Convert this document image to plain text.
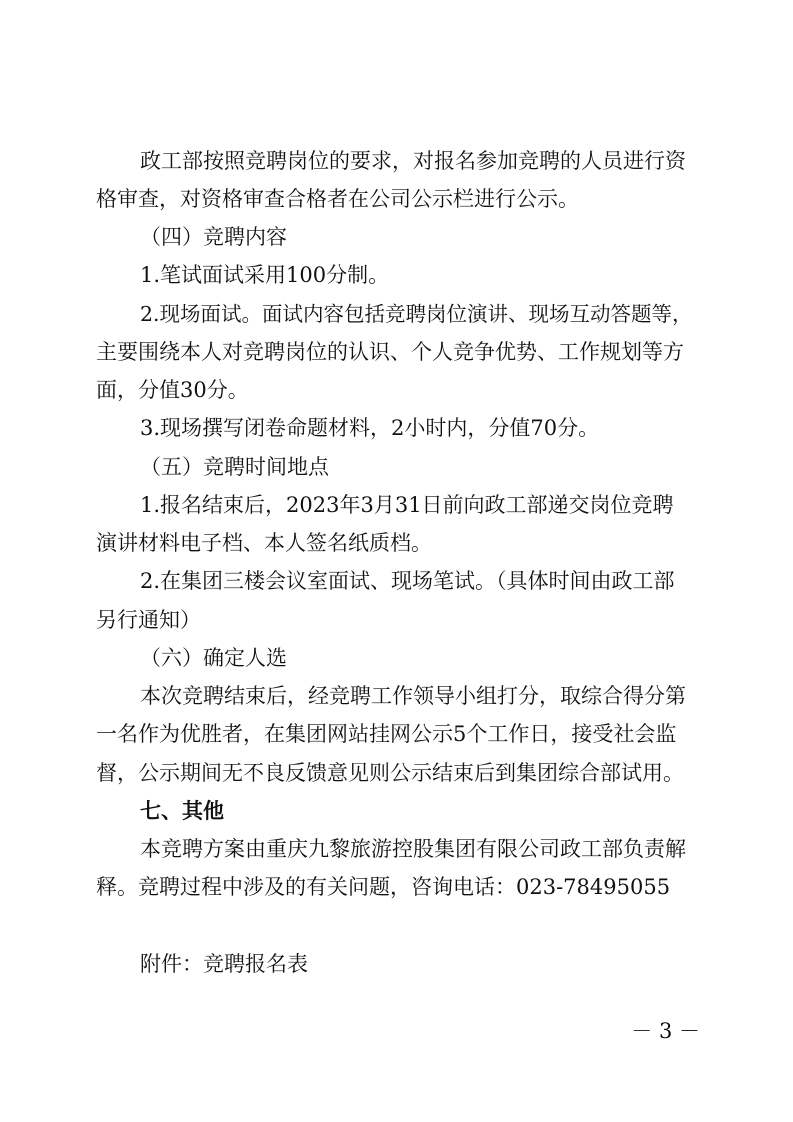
政工部按照竞聘岗位的要求，对报名参加竞聘的人员进行资
格审查，对资格审查合格者在公司公示栏进行公示。
（四）竞聘内容
1.笔试面试采用100分制。
2.现场面试。面试内容包括竞聘岗位演讲、现场互动答题等，
主要围绕本人对竞聘岗位的认识、个人竞争优势、工作规划等方
面，分值30分。
3.现场撰写闭卷命题材料，2小时内，分值70分。
（五）竞聘时间地点
1.报名结束后，2023年3月31日前向政工部递交岗位竞聘
演讲材料电子档、本人签名纸质档。
2.在集团三楼会议室面试、现场笔试。（具体时间由政工部
另行通知）
（六）确定人选
本次竞聘结束后，经竞聘工作领导小组打分，取综合得分第
一名作为优胜者，在集团网站挂网公示5个工作日，接受社会监
督，公示期间无不良反馈意见则公示结束后到集团综合部试用。
七、其他
本竞聘方案由重庆九黎旅游控股集团有限公司政工部负责解
释。竞聘过程中涉及的有关问题，咨询电话：023-78495055
附件：竞聘报名表
－ 3 －
